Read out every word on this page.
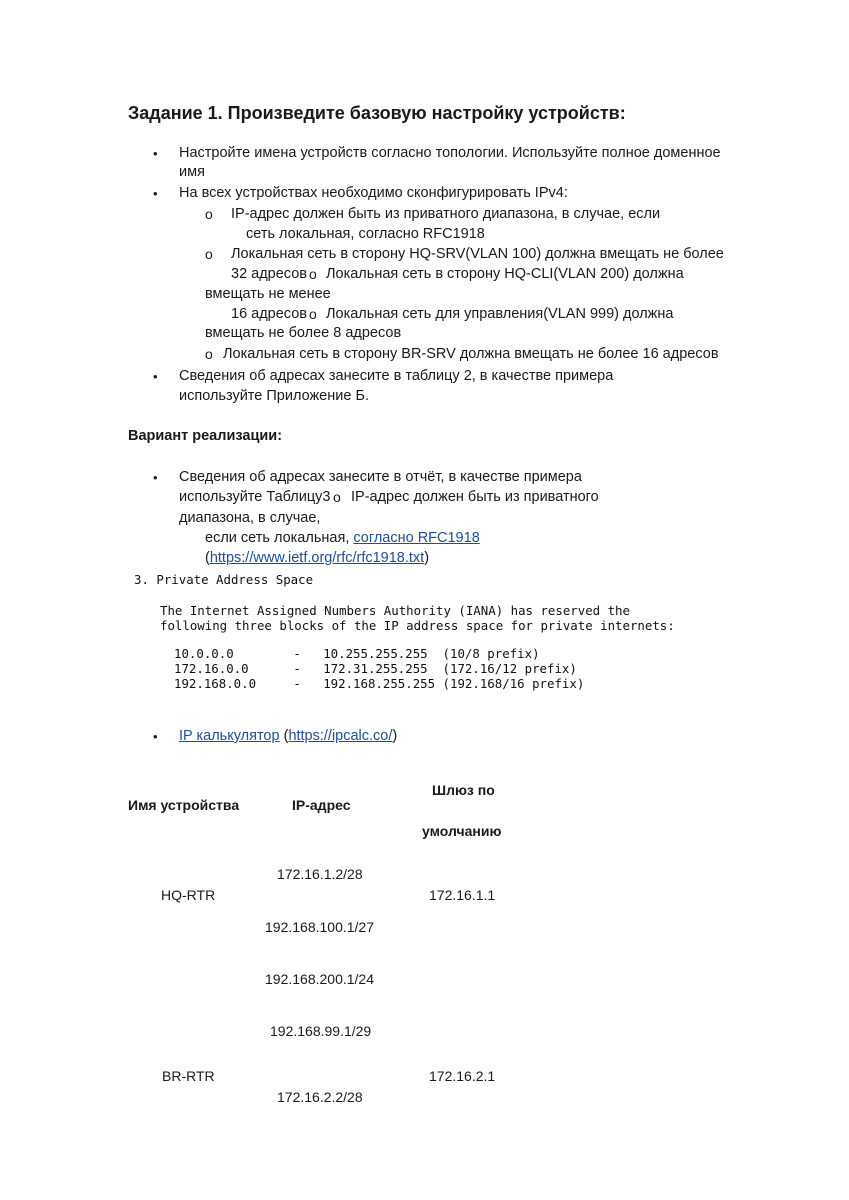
Задание 1. Произведите базовую настройку устройств:
• Настройте имена устройств согласно топологии. Используйте полное доменное
имя
• На всех устройствах необходимо сконфигурировать IPv4:
o IP-адрес должен быть из приватного диапазона, в случае, если
сеть локальная, согласно RFC1918
o Локальная сеть в сторону HQ-SRV(VLAN 100) должна вмещать не более
32 адресов o Локальная сеть в сторону HQ-CLI(VLAN 200) должна
вмещать не менее
16 адресов o Локальная сеть для управления(VLAN 999) должна
вмещать не более 8 адресов
o Локальная сеть в сторону BR-SRV должна вмещать не более 16 адресов
• Сведения об адресах занесите в таблицу 2, в качестве примера
используйте Приложение Б.
Вариант реализации:
• Сведения об адресах занесите в отчёт, в качестве примера
используйте Таблицу3 o IP-адрес должен быть из приватного
диапазона, в случае,
если сеть локальная, согласно RFC1918
(https://www.ietf.org/rfc/rfc1918.txt)
3. Private Address Space
The Internet Assigned Numbers Authority (IANA) has reserved the
following three blocks of the IP address space for private internets:
10.0.0.0        -   10.255.255.255  (10/8 prefix)
172.16.0.0      -   172.31.255.255  (172.16/12 prefix)
192.168.0.0     -   192.168.255.255 (192.168/16 prefix)
• IP калькулятор (https://ipcalc.co/)
Имя устройства	IP-адрес
Шлюз по
умолчанию
HQ-RTR
172.16.1.2/28
172.16.1.1
192.168.100.1/27
192.168.200.1/24
192.168.99.1/29
BR-RTR	172.16.2.1
172.16.2.2/28
